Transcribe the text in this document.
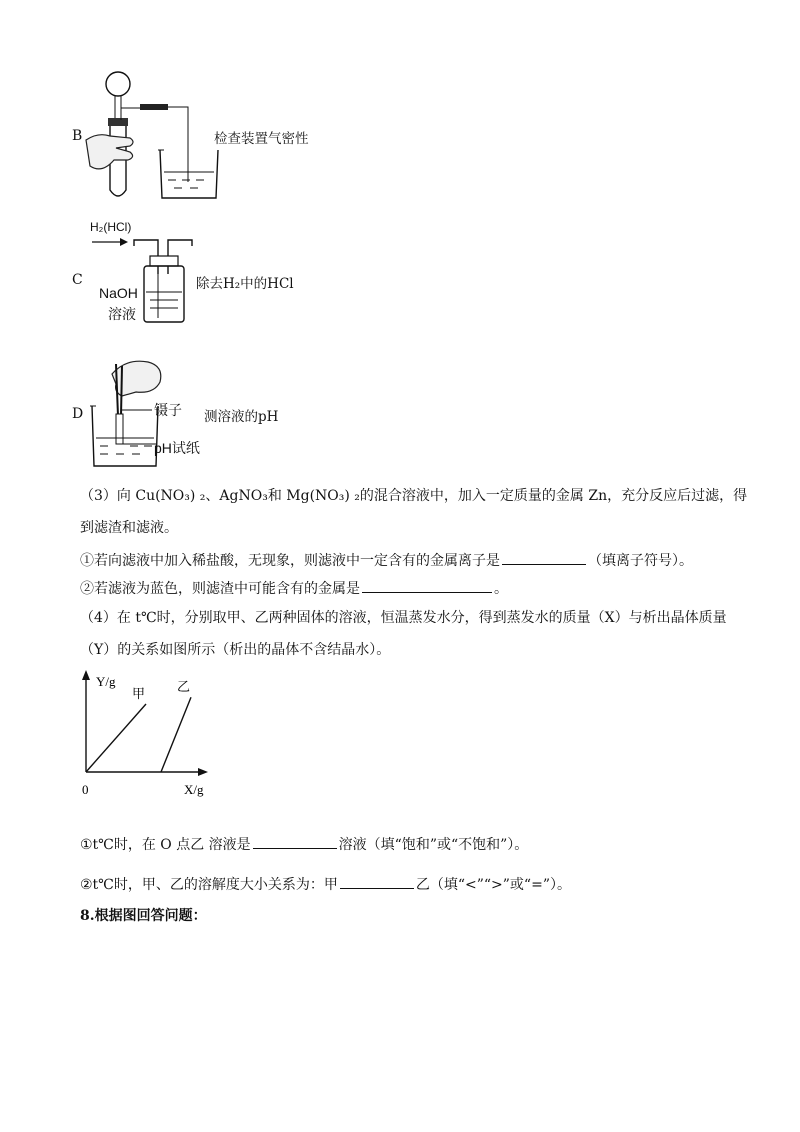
B	检查装置气密性
C
H₂(HCl)
NaOH
溶液
除去H₂中的HCl
D	镊子
pH试纸
测溶液的pH
（3）向 Cu(NO₃) ₂、AgNO₃和 Mg(NO₃) ₂的混合溶液中，加入一定质量的金属 Zn，充分反应后过滤，得
到滤渣和滤液。
①若向滤液中加入稀盐酸，无现象，则滤液中一定含有的金属离子是	（填离子符号）。
②若滤液为蓝色，则滤渣中可能含有的金属是	。
（4）在 t℃时，分别取甲、乙两种固体的溶液，恒温蒸发水分，得到蒸发水的质量（X）与析出晶体质量
（Y）的关系如图所示（析出的晶体不含结晶水）。
Y/g
X/g
0
甲 乙
①t℃时，在 O 点乙 溶液是	溶液（填“饱和”或“不饱和”）。
②t℃时，甲、乙的溶解度大小关系为：甲	乙（填“<”“>”或“=”）。
8.根据图回答问题：
